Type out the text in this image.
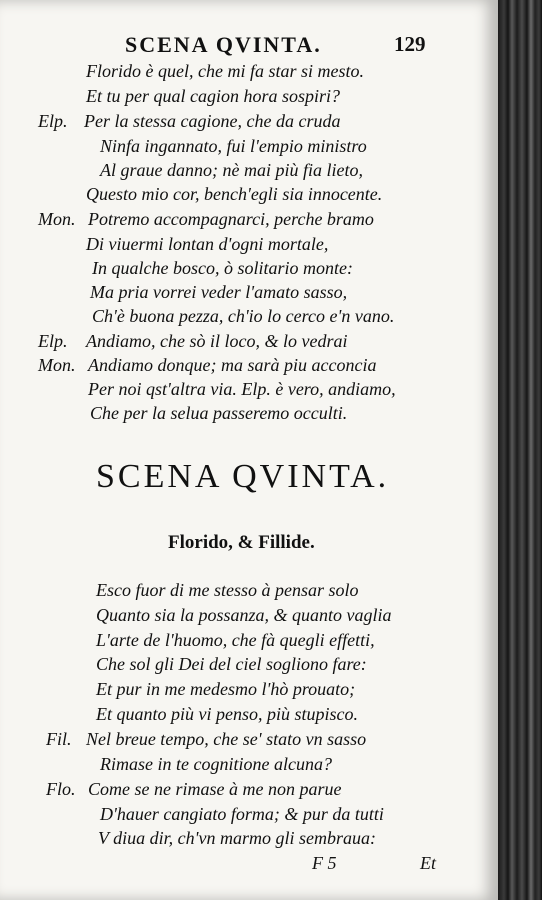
SCENA QVINTA.	129
Florido è quel, che mi fa star si mesto.
Et tu per qual cagion hora sospiri?
Elp. Per la stessa cagione, che da cruda
Ninfa ingannato, fui l'empio ministro
Al graue danno; nè mai più fia lieto,
Questo mio cor, bench'egli sia innocente.
Mon. Potremo accompagnarci, perche bramo
Di viuermi lontan d'ogni mortale,
In qualche bosco, ò solitario monte:
Ma pria vorrei veder l'amato sasso,
Ch'è buona pezza, ch'io lo cerco e'n vano.
Elp. Andiamo, che sò il loco, & lo vedrai
Mon. Andiamo donque; ma sarà piu acconcia
Per noi qst'altra via. Elp. è vero, andiamo,
Che per la selua passeremo occulti.
SCENA QVINTA.
Florido, & Fillide.
Esco fuor di me stesso à pensar solo
Quanto sia la possanza, & quanto vaglia
L'arte de l'huomo, che fà quegli effetti,
Che sol gli Dei del ciel sogliono fare:
Et pur in me medesmo l'hò prouato;
Et quanto più vi penso, più stupisco.
Fil. Nel breue tempo, che se' stato vn sasso
Rimase in te cognitione alcuna?
Flo. Come se ne rimase à me non parue
D'hauer cangiato forma; & pur da tutti
V diua dir, ch'vn marmo gli sembraua:
F 5	Et
